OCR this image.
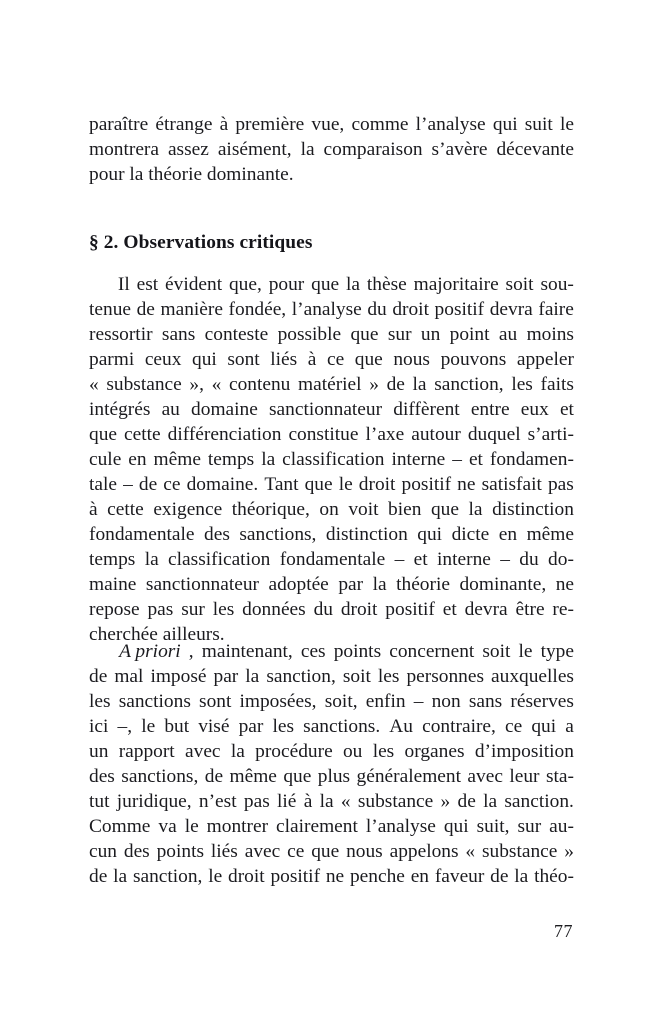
paraître étrange à première vue, comme l’analyse qui suit le
montrera assez aisément, la comparaison s’avère décevante
pour la théorie dominante.
§ 2. Observations critiques
Il est évident que, pour que la thèse majoritaire soit sou-
tenue de manière fondée, l’analyse du droit positif devra faire
ressortir sans conteste possible que sur un point au moins
parmi ceux qui sont liés à ce que nous pouvons appeler
« substance », « contenu matériel » de la sanction, les faits
intégrés au domaine sanctionnateur diffèrent entre eux et
que cette différenciation constitue l’axe autour duquel s’arti-
cule en même temps la classification interne – et fondamen-
tale – de ce domaine. Tant que le droit positif ne satisfait pas
à cette exigence théorique, on voit bien que la distinction
fondamentale des sanctions, distinction qui dicte en même
temps la classification fondamentale – et interne – du do-
maine sanctionnateur adoptée par la théorie dominante, ne
repose pas sur les données du droit positif et devra être re-
cherchée ailleurs.
A priori , maintenant, ces points concernent soit le type
de mal imposé par la sanction, soit les personnes auxquelles
les sanctions sont imposées, soit, enfin – non sans réserves
ici –, le but visé par les sanctions. Au contraire, ce qui a
un rapport avec la procédure ou les organes d’imposition
des sanctions, de même que plus généralement avec leur sta-
tut juridique, n’est pas lié à la « substance » de la sanction.
Comme va le montrer clairement l’analyse qui suit, sur au-
cun des points liés avec ce que nous appelons « substance »
de la sanction, le droit positif ne penche en faveur de la théo-
77
